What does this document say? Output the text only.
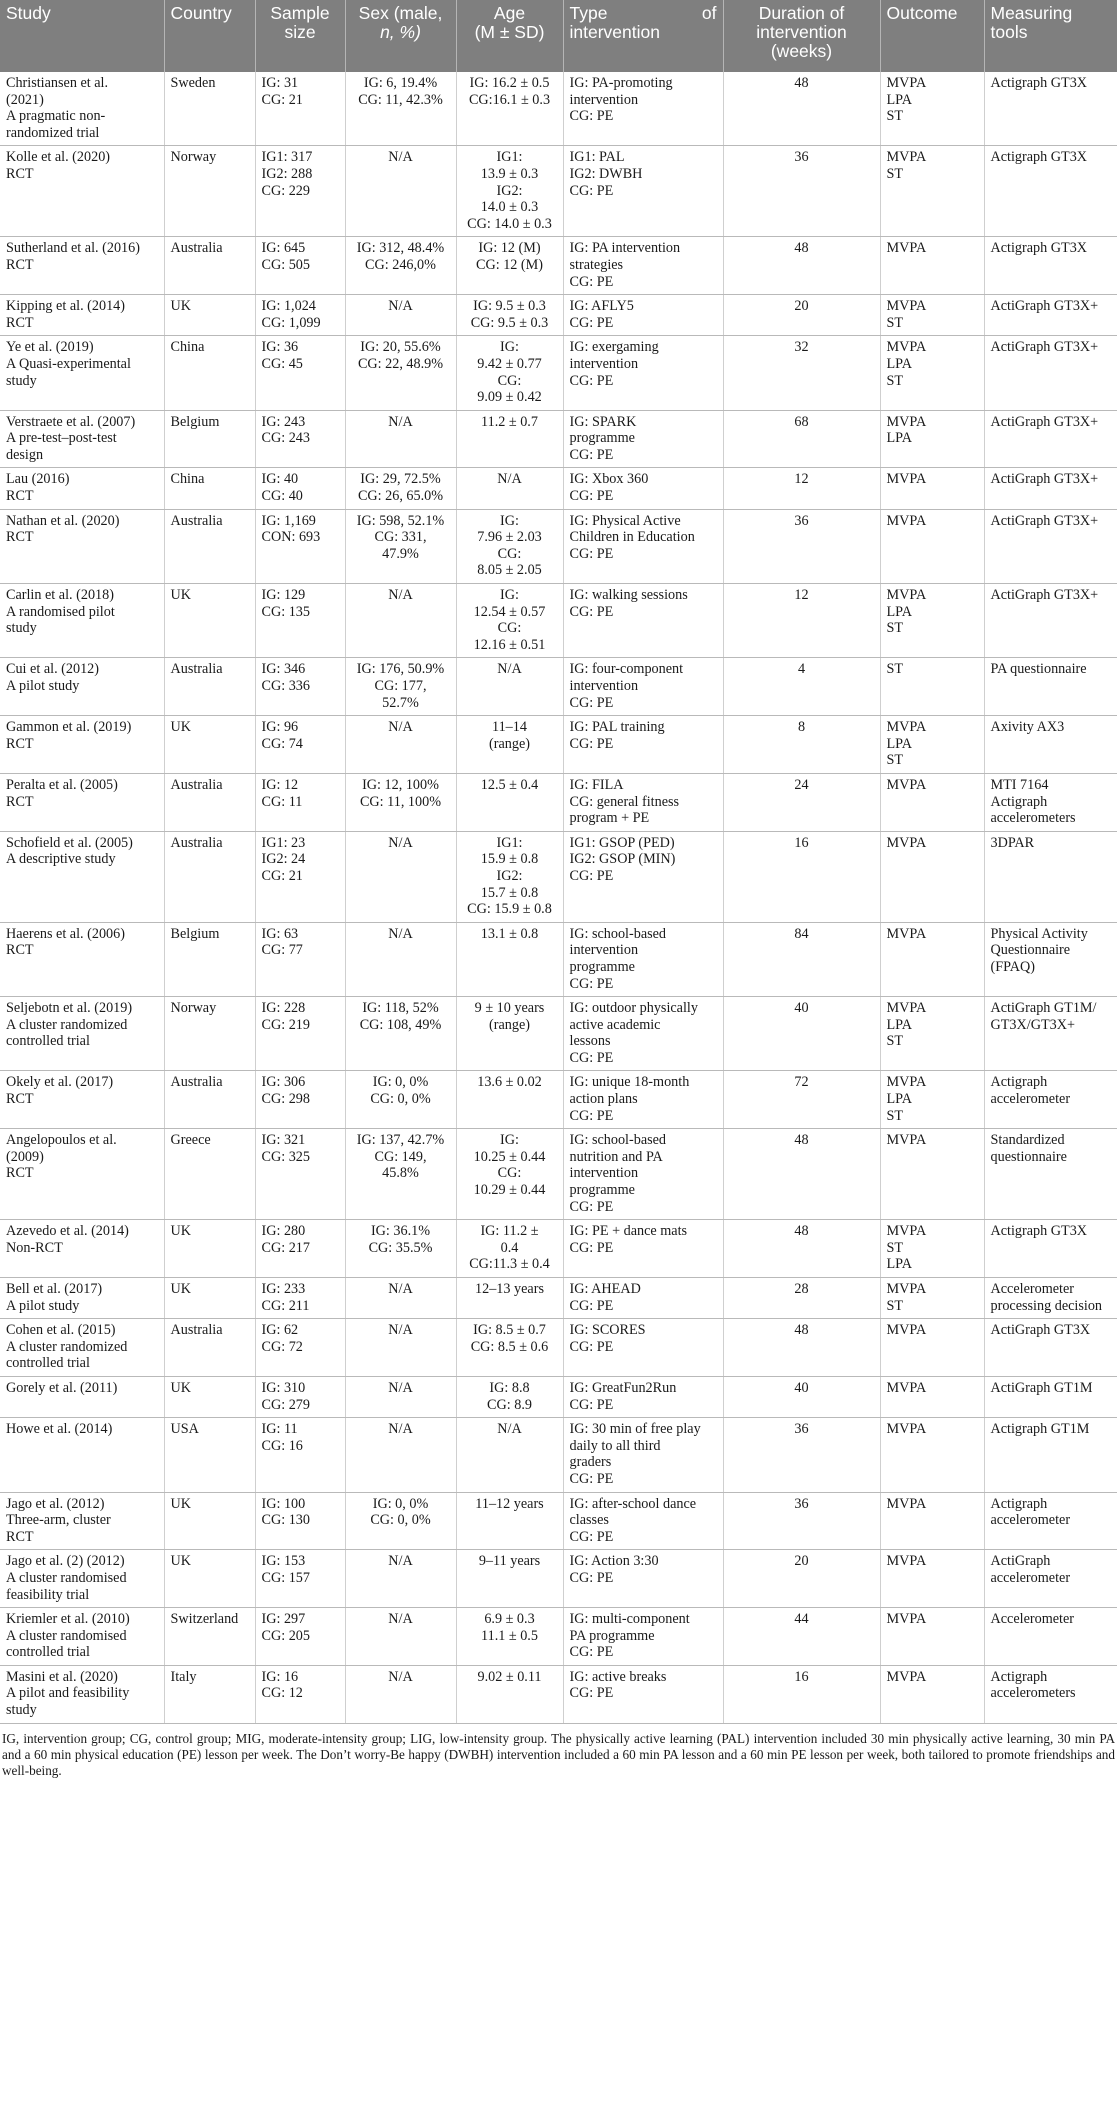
Study	Country	Sample
size	Sex (male,
n, %)	Age
(M ± SD)	Type of
intervention	Duration of
intervention
(weeks)	Outcome	Measuring
tools

Christiansen et al.
(2021)
A pragmatic non-
randomized trial	Sweden	IG: 31
CG: 21	IG: 6, 19.4%
CG: 11, 42.3%	IG: 16.2 ± 0.5
CG:16.1 ± 0.3	IG: PA-promoting
intervention
CG: PE	48	MVPA
LPA
ST	Actigraph GT3X

Kolle et al. (2020)
RCT	Norway	IG1: 317
IG2: 288
CG: 229	N/A	IG1:
13.9 ± 0.3
IG2:
14.0 ± 0.3
CG: 14.0 ± 0.3	IG1: PAL
IG2: DWBH
CG: PE	36	MVPA
ST	Actigraph GT3X

Sutherland et al. (2016)
RCT	Australia	IG: 645
CG: 505	IG: 312, 48.4%
CG: 246,0%	IG: 12 (M)
CG: 12 (M)	IG: PA intervention
strategies
CG: PE	48	MVPA	Actigraph GT3X

Kipping et al. (2014)
RCT	UK	IG: 1,024
CG: 1,099	N/A	IG: 9.5 ± 0.3
CG: 9.5 ± 0.3	IG: AFLY5
CG: PE	20	MVPA
ST	ActiGraph GT3X+

Ye et al. (2019)
A Quasi-experimental
study	China	IG: 36
CG: 45	IG: 20, 55.6%
CG: 22, 48.9%	IG:
9.42 ± 0.77
CG:
9.09 ± 0.42	IG: exergaming
intervention
CG: PE	32	MVPA
LPA
ST	ActiGraph GT3X+

Verstraete et al. (2007)
A pre-test–post-test
design	Belgium	IG: 243
CG: 243	N/A	11.2 ± 0.7	IG: SPARK
programme
CG: PE	68	MVPA
LPA	ActiGraph GT3X+

Lau (2016)
RCT	China	IG: 40
CG: 40	IG: 29, 72.5%
CG: 26, 65.0%	N/A	IG: Xbox 360
CG: PE	12	MVPA	ActiGraph GT3X+

Nathan et al. (2020)
RCT	Australia	IG: 1,169
CON: 693	IG: 598, 52.1%
CG: 331,
47.9%	IG:
7.96 ± 2.03
CG:
8.05 ± 2.05	IG: Physical Active
Children in Education
CG: PE	36	MVPA	ActiGraph GT3X+

Carlin et al. (2018)
A randomised pilot
study	UK	IG: 129
CG: 135	N/A	IG:
12.54 ± 0.57
CG:
12.16 ± 0.51	IG: walking sessions
CG: PE	12	MVPA
LPA
ST	ActiGraph GT3X+

Cui et al. (2012)
A pilot study	Australia	IG: 346
CG: 336	IG: 176, 50.9%
CG: 177,
52.7%	N/A	IG: four-component
intervention
CG: PE	4	ST	PA questionnaire

Gammon et al. (2019)
RCT	UK	IG: 96
CG: 74	N/A	11–14
(range)	IG: PAL training
CG: PE	8	MVPA
LPA
ST	Axivity AX3

Peralta et al. (2005)
RCT	Australia	IG: 12
CG: 11	IG: 12, 100%
CG: 11, 100%	12.5 ± 0.4	IG: FILA
CG: general fitness
program + PE	24	MVPA	MTI 7164
Actigraph
accelerometers

Schofield et al. (2005)
A descriptive study	Australia	IG1: 23
IG2: 24
CG: 21	N/A	IG1:
15.9 ± 0.8
IG2:
15.7 ± 0.8
CG: 15.9 ± 0.8	IG1: GSOP (PED)
IG2: GSOP (MIN)
CG: PE	16	MVPA	3DPAR

Haerens et al. (2006)
RCT	Belgium	IG: 63
CG: 77	N/A	13.1 ± 0.8	IG: school-based
intervention
programme
CG: PE	84	MVPA	Physical Activity
Questionnaire
(FPAQ)

Seljebotn et al. (2019)
A cluster randomized
controlled trial	Norway	IG: 228
CG: 219	IG: 118, 52%
CG: 108, 49%	9 ± 10 years
(range)	IG: outdoor physically
active academic
lessons
CG: PE	40	MVPA
LPA
ST	ActiGraph GT1M/
GT3X/GT3X+

Okely et al. (2017)
RCT	Australia	IG: 306
CG: 298	IG: 0, 0%
CG: 0, 0%	13.6 ± 0.02	IG: unique 18-month
action plans
CG: PE	72	MVPA
LPA
ST	Actigraph
accelerometer

Angelopoulos et al.
(2009)
RCT	Greece	IG: 321
CG: 325	IG: 137, 42.7%
CG: 149,
45.8%	IG:
10.25 ± 0.44
CG:
10.29 ± 0.44	IG: school-based
nutrition and PA
intervention
programme
CG: PE	48	MVPA	Standardized
questionnaire

Azevedo et al. (2014)
Non-RCT	UK	IG: 280
CG: 217	IG: 36.1%
CG: 35.5%	IG: 11.2 ±
0.4
CG:11.3 ± 0.4	IG: PE + dance mats
CG: PE	48	MVPA
ST
LPA	Actigraph GT3X

Bell et al. (2017)
A pilot study	UK	IG: 233
CG: 211	N/A	12–13 years	IG: AHEAD
CG: PE	28	MVPA
ST	Accelerometer
processing decision

Cohen et al. (2015)
A cluster randomized
controlled trial	Australia	IG: 62
CG: 72	N/A	IG: 8.5 ± 0.7
CG: 8.5 ± 0.6	IG: SCORES
CG: PE	48	MVPA	ActiGraph GT3X

Gorely et al. (2011)	UK	IG: 310
CG: 279	N/A	IG: 8.8
CG: 8.9	IG: GreatFun2Run
CG: PE	40	MVPA	ActiGraph GT1M

Howe et al. (2014)	USA	IG: 11
CG: 16	N/A	N/A	IG: 30 min of free play
daily to all third
graders
CG: PE	36	MVPA	Actigraph GT1M

Jago et al. (2012)
Three-arm, cluster
RCT	UK	IG: 100
CG: 130	IG: 0, 0%
CG: 0, 0%	11–12 years	IG: after-school dance
classes
CG: PE	36	MVPA	Actigraph
accelerometer

Jago et al. (2) (2012)
A cluster randomised
feasibility trial	UK	IG: 153
CG: 157	N/A	9–11 years	IG: Action 3:30
CG: PE	20	MVPA	ActiGraph
accelerometer

Kriemler et al. (2010)
A cluster randomised
controlled trial	Switzerland	IG: 297
CG: 205	N/A	6.9 ± 0.3
11.1 ± 0.5	IG: multi-component
PA programme
CG: PE	44	MVPA	Accelerometer

Masini et al. (2020)
A pilot and feasibility
study	Italy	IG: 16
CG: 12	N/A	9.02 ± 0.11	IG: active breaks
CG: PE	16	MVPA	Actigraph
accelerometers
IG, intervention group; CG, control group; MIG, moderate-intensity group; LIG, low-intensity group. The physically active learning (PAL) intervention included 30 min physically active learning, 30 min PA and a 60 min physical education (PE) lesson per week. The Don’t worry-Be happy (DWBH) intervention included a 60 min PA lesson and a 60 min PE lesson per week, both tailored to promote friendships and well-being.
